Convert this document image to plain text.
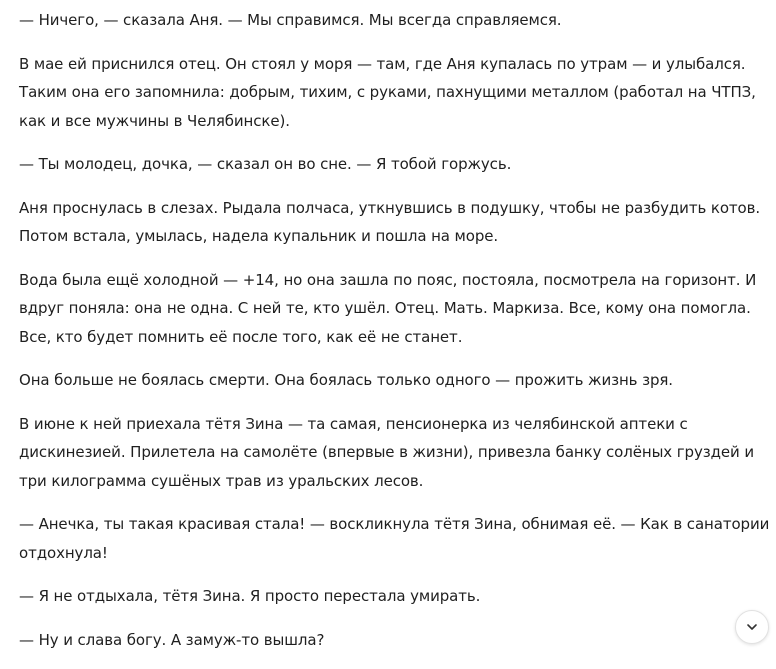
— Ничего, — сказала Аня. — Мы справимся. Мы всегда справляемся.

В мае ей приснился отец. Он стоял у моря — там, где Аня купалась по утрам — и улыбался. Таким она его запомнила: добрым, тихим, с руками, пахнущими металлом (работал на ЧТПЗ, как и все мужчины в Челябинске).

— Ты молодец, дочка, — сказал он во сне. — Я тобой горжусь.

Аня проснулась в слезах. Рыдала полчаса, уткнувшись в подушку, чтобы не разбудить котов. Потом встала, умылась, надела купальник и пошла на море.

Вода была ещё холодной — +14, но она зашла по пояс, постояла, посмотрела на горизонт. И вдруг поняла: она не одна. С ней те, кто ушёл. Отец. Мать. Маркиза. Все, кому она помогла. Все, кто будет помнить её после того, как её не станет.

Она больше не боялась смерти. Она боялась только одного — прожить жизнь зря.

В июне к ней приехала тётя Зина — та самая, пенсионерка из челябинской аптеки с дискинезией. Прилетела на самолёте (впервые в жизни), привезла банку солёных груздей и три килограмма сушёных трав из уральских лесов.

— Анечка, ты такая красивая стала! — воскликнула тётя Зина, обнимая её. — Как в санатории отдохнула!

— Я не отдыхала, тётя Зина. Я просто перестала умирать.

— Ну и слава богу. А замуж-то вышла?
